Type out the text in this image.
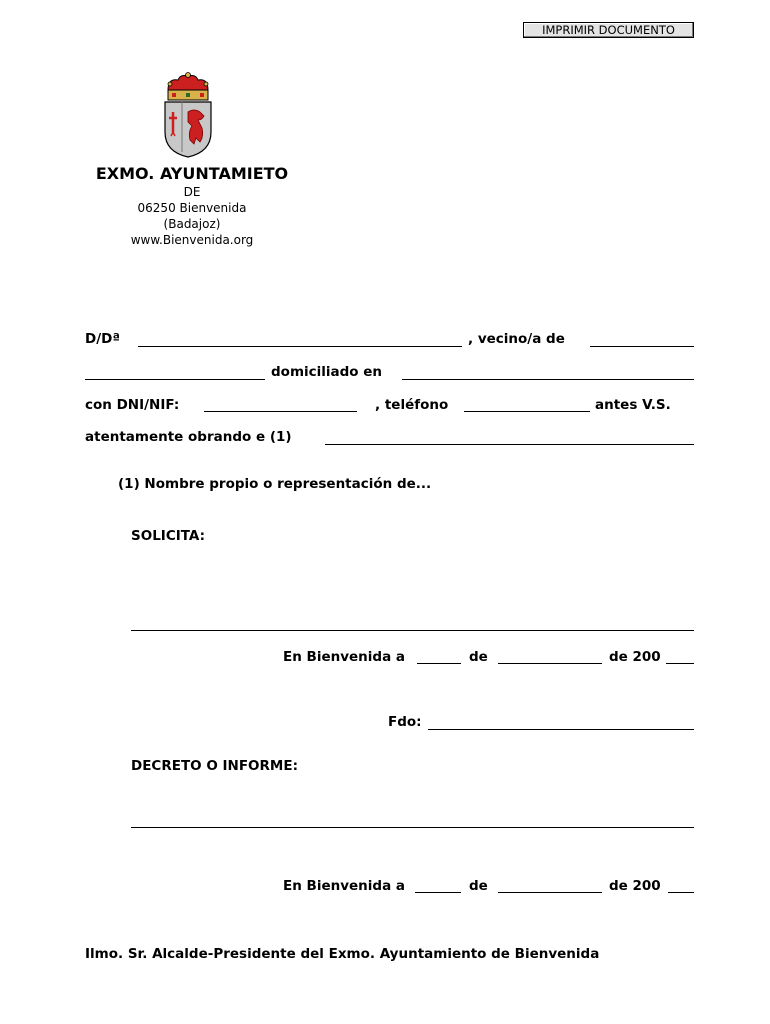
IMPRIMIR DOCUMENTO
EXMO. AYUNTAMIETO
DE
06250 Bienvenida
(Badajoz)
www.Bienvenida.org
D/Dª	, vecino/a de
domiciliado en
con DNI/NIF:	, teléfono	antes V.S.
atentamente obrando e (1)
(1) Nombre propio o representación de...
SOLICITA:
En Bienvenida a	de	de 200
Fdo:
DECRETO O INFORME:
En Bienvenida a	de	de 200
Ilmo. Sr. Alcalde-Presidente del Exmo. Ayuntamiento de Bienvenida
